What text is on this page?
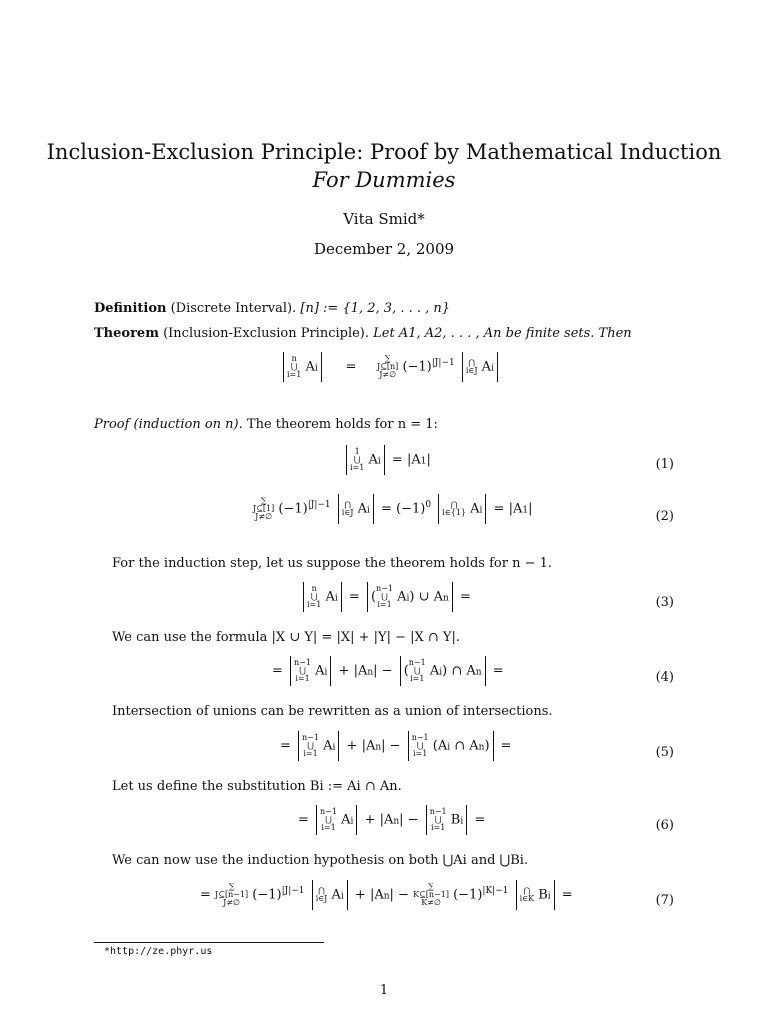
Inclusion-Exclusion Principle: Proof by Mathematical Induction
For Dummies
Vita Smid*
December 2, 2009
Definition (Discrete Interval). [n] := {1, 2, 3, . . . , n}
Theorem (Inclusion-Exclusion Principle). Let A1, A2, . . . , An be finite sets. Then
n
⋃
i=1 Ai     =
∑
J⊆[n]
J≠∅ $(-1)^{|J|-1}$	⋂
i∈J Ai
Proof (induction on n). The theorem holds for n = 1:
1
⋃
i=1 Ai = |A1|	(1)
∑
J⊆[1]
J≠∅ $(-1)^{|J|-1}$	⋂
i∈J $Ai = (-1)^0$	⋂
i∈{1} Ai = |A1|	(2)
For the induction step, let us suppose the theorem holds for n − 1.
n
⋃
i=1 Ai = (
n−1
⋃
i=1 Ai) ∪ An =	(3)
We can use the formula |X ∪ Y| = |X| + |Y| − |X ∩ Y|.
=
n−1
⋃
i=1 Ai + |An| − (
n−1
⋃
i=1 Ai) ∩ An =	(4)
Intersection of unions can be rewritten as a union of intersections.
=
n−1
⋃
i=1 Ai + |An| −
n−1
⋃
i=1 (Ai ∩ An) =	(5)
Let us define the substitution Bi := Ai ∩ An.
=
n−1
⋃
i=1 Ai + |An| −
n−1
⋃
i=1 Bi =	(6)
We can now use the induction hypothesis on both ⋃Ai and ⋃Bi.
=
∑
J⊆[n−1]
J≠∅ $(-1)^{|J|-1}$	⋂
i∈J Ai + |An| −
∑
K⊆[n−1]
K≠∅ $(-1)^{|K|-1}$	⋂
i∈K Bi =	(7)
*http://ze.phyr.us
1
